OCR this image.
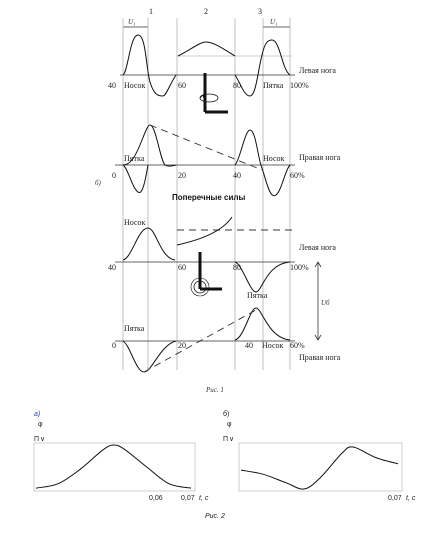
1	2	3
U₁	U₁
40	60	80	100%
Левая нога
Носок	Пятка
0	20	40	60%
Правая нога
Пятка	Носок
б)
Поперечные силы
40	60	80	100%
Левая нога
Носок
Пятка
Uб
0	20	40	60%
Правая нога
Пятка
Носок
Рис. 1
а)
φ
Π ∨
0,06	0,07 t, c
б)
φ
Π ∨
0,07 t, c
Рис. 2
